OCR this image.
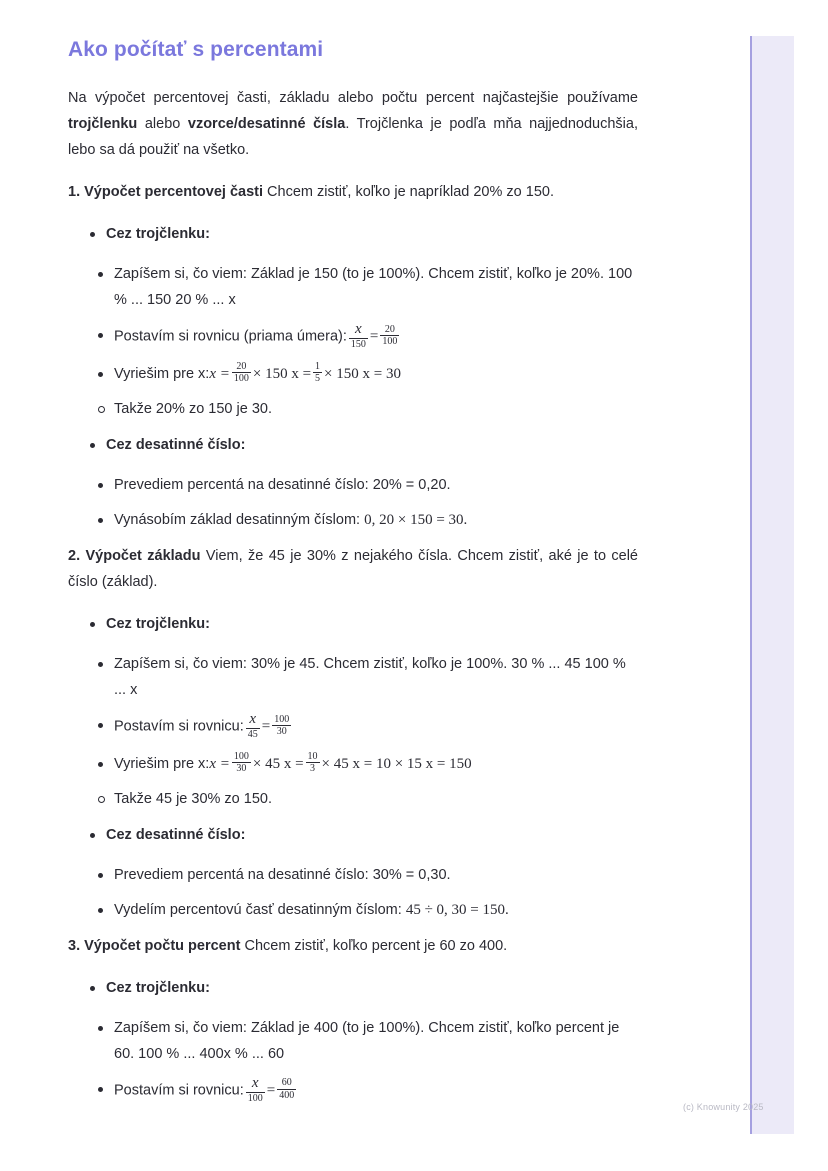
Ako počítať s percentami

Na výpočet percentovej časti, základu alebo počtu percent najčastejšie používame trojčlenku alebo vzorce/desatinné čísla. Trojčlenka je podľa mňa najjednoduchšia, lebo sa dá použiť na všetko.

1. Výpočet percentovej časti Chcem zistiť, koľko je napríklad 20% zo 150.

Cez trojčlenku:
Zapíšem si, čo viem: Základ je 150 (to je 100%). Chcem zistiť, koľko je 20%. 100 % ... 150 20 % ... x
Postavím si rovnicu (priama úmera): $\frac{x}{150} = \frac{20}{100}$
Vyriešim pre x:x = $\frac{20}{100} \times 150$ $x = \frac{1}{5} \times 150$ x = 30
Takže 20% zo 150 je 30.
Cez desatinné číslo:
Prevediem percentá na desatinné číslo: 20% = 0,20.
Vynásobím základ desatinným číslom: 0, 20 × 150 = 30.

2. Výpočet základu Viem, že 45 je 30% z nejakého čísla. Chcem zistiť, aké je to celé číslo (základ).

Cez trojčlenku:
Zapíšem si, čo viem: 30% je 45. Chcem zistiť, koľko je 100%. 30 % ... 45 100 % ... x
Postavím si rovnicu: $\frac{x}{45} = \frac{100}{30}$
Vyriešim pre x:x = $\frac{100}{30} \times 45$ $x = \frac{10}{3} \times 45$ x = 10 × 15 x = 150
Takže 45 je 30% zo 150.
Cez desatinné číslo:
Prevediem percentá na desatinné číslo: 30% = 0,30.
Vydelím percentovú časť desatinným číslom: 45 ÷ 0, 30 = 150.

3. Výpočet počtu percent Chcem zistiť, koľko percent je 60 zo 400.

Cez trojčlenku:
Zapíšem si, čo viem: Základ je 400 (to je 100%). Chcem zistiť, koľko percent je 60. 100 % ... 400x % ... 60
Postavím si rovnicu: $\frac{x}{100} = \frac{60}{400}$
(c) Knowunity 2025
